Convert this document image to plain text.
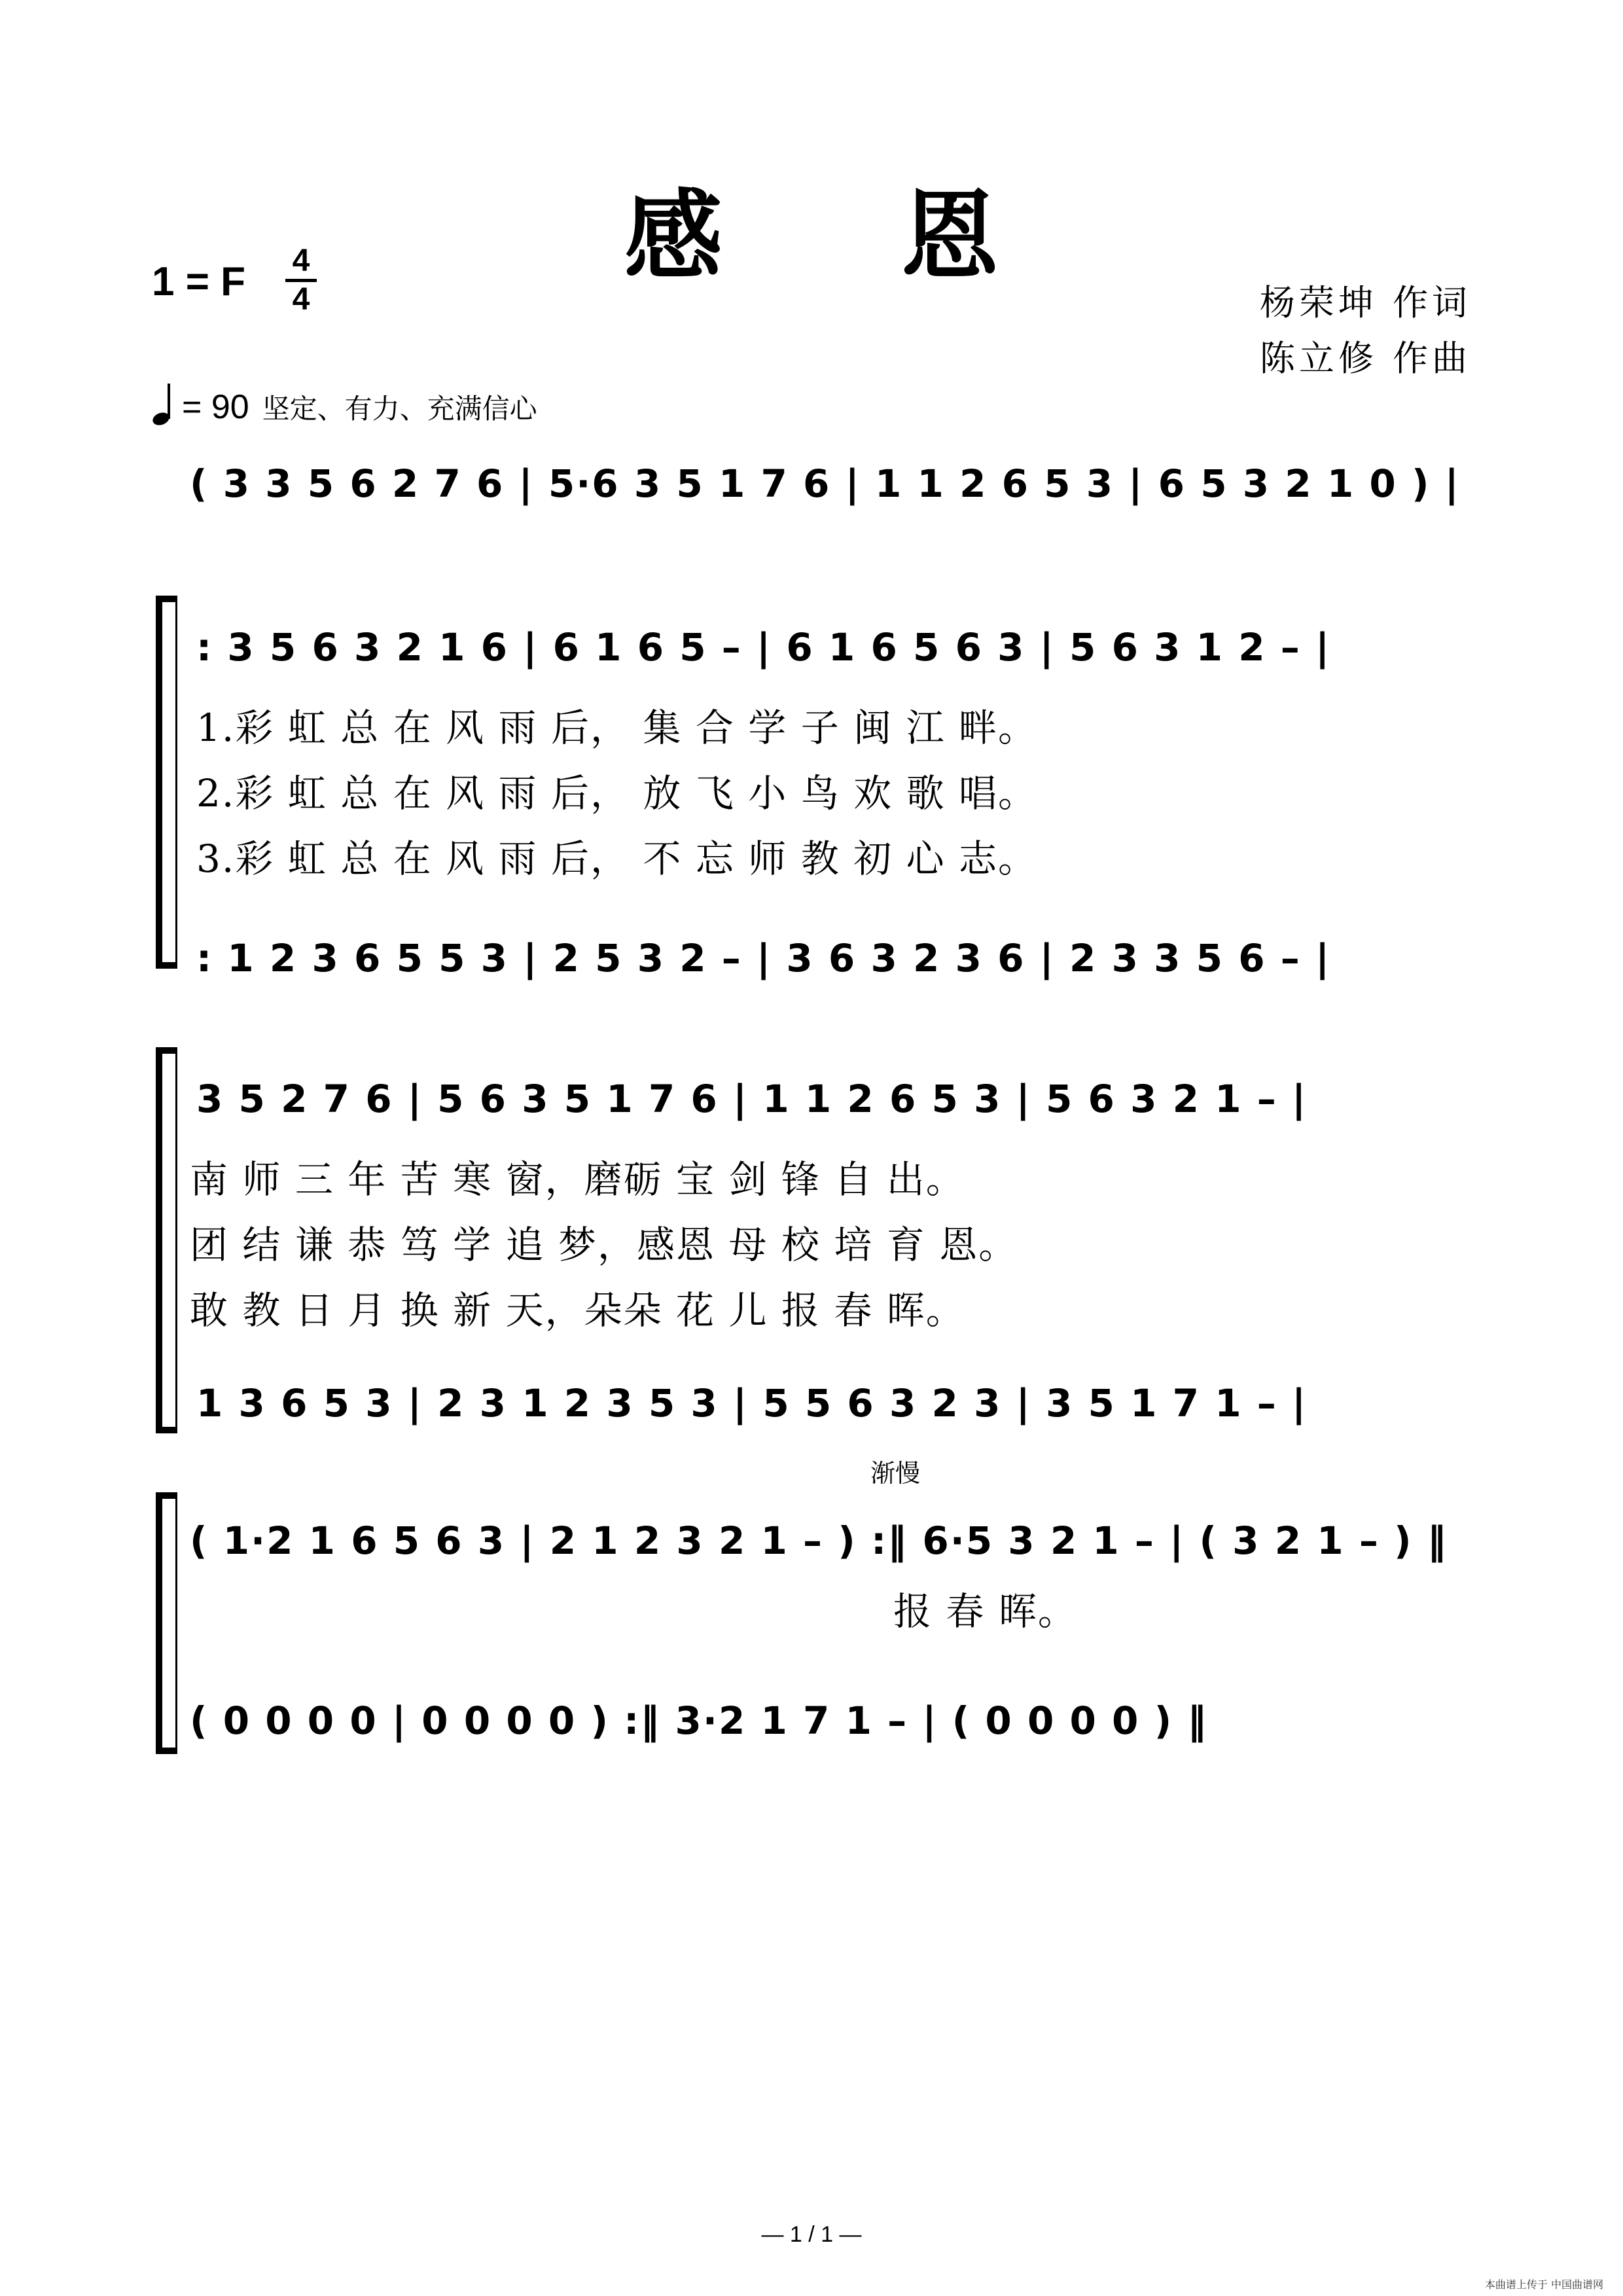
感 恩
1 = F	4
4	杨荣坤 作词
陈立修 作曲
= 90 坚定、有力、充满信心
( 3 3 5 6 2 7 6 | 5·6 3 5 1 7 6 | 1 1 2 6 5 3 | 6 5 3 2 1 0 ) |
: 3 5 6 3 2 1 6 | 6 1 6 5 – | 6 1 6 5 6 3 | 5 6 3 1 2 – |
1.彩 虹 总 在 风 雨 后， 集 合 学 子 闽 江 畔。
2.彩 虹 总 在 风 雨 后， 放 飞 小 鸟 欢 歌 唱。
3.彩 虹 总 在 风 雨 后， 不 忘 师 教 初 心 志。
: 1 2 3 6 5 5 3 | 2 5 3 2 – | 3 6 3 2 3 6 | 2 3 3 5 6 – |
3 5 2 7 6 | 5 6 3 5 1 7 6 | 1 1 2 6 5 3 | 5 6 3 2 1 – |
南 师 三 年 苦 寒 窗，磨砺 宝 剑 锋 自 出。
团 结 谦 恭 笃 学 追 梦，感恩 母 校 培 育 恩。
敢 教 日 月 换 新 天，朵朵 花 儿 报 春 晖。
1 3 6 5 3 | 2 3 1 2 3 5 3 | 5 5 6 3 2 3 | 3 5 1 7 1 – |
渐慢
( 1·2 1 6 5 6 3 | 2 1 2 3 2 1 – ) :‖ 6·5 3 2 1 – | ( 3 2 1 – ) ‖
报 春 晖。
( 0 0 0 0 | 0 0 0 0 ) :‖ 3·2 1 7 1 – | ( 0 0 0 0 ) ‖
— 1 / 1 —
本曲谱上传于 中国曲谱网
